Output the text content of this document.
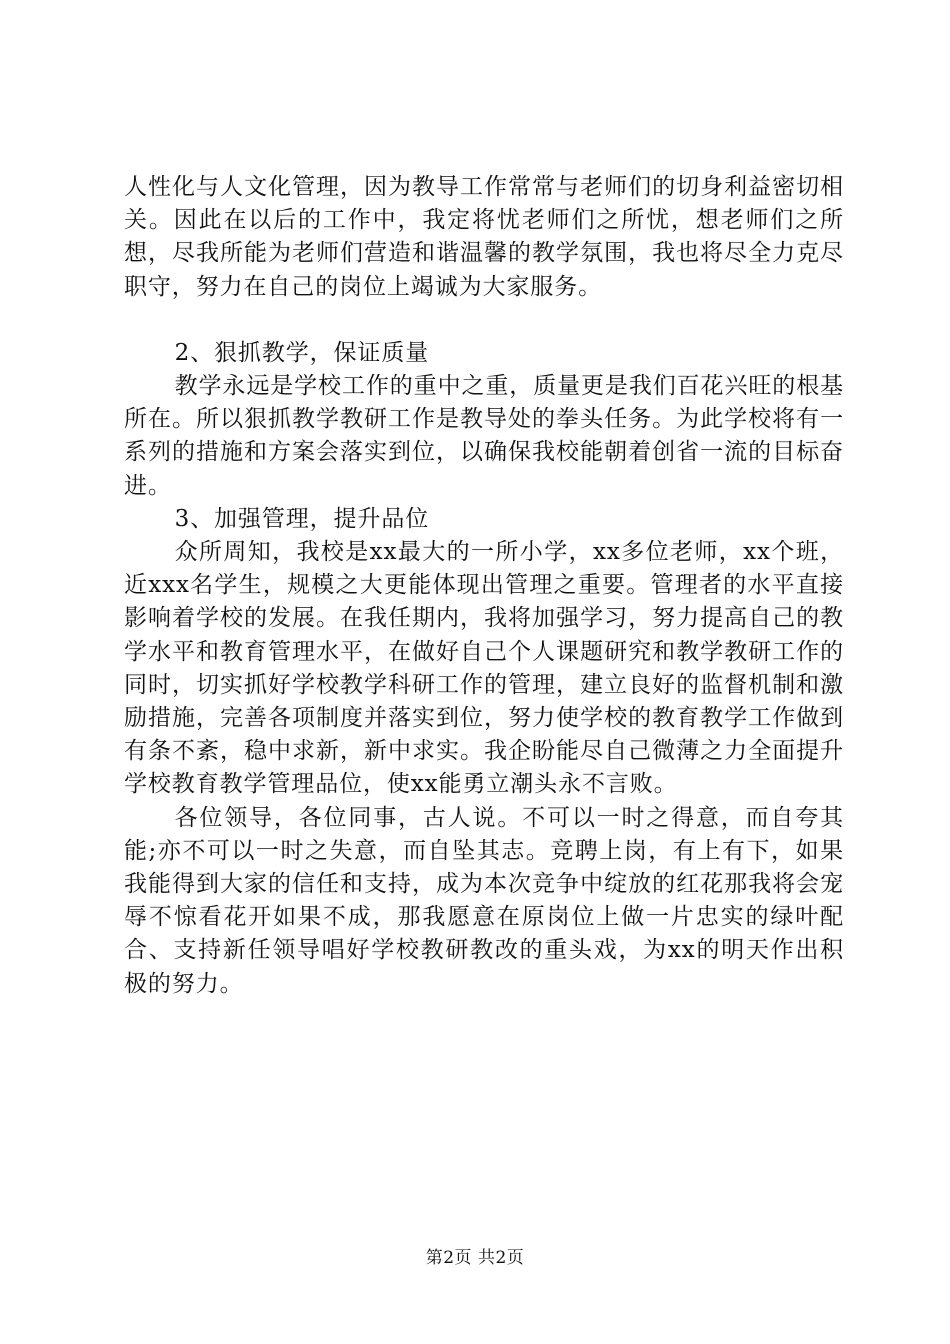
人性化与人文化管理，因为教导工作常常与老师们的切身利益密切相关。因此在以后的工作中，我定将忧老师们之所忧，想老师们之所想，尽我所能为老师们营造和谐温馨的教学氛围，我也将尽全力克尽职守，努力在自己的岗位上竭诚为大家服务。

2、狠抓教学，保证质量

教学永远是学校工作的重中之重，质量更是我们百花兴旺的根基所在。所以狠抓教学教研工作是教导处的拳头任务。为此学校将有一系列的措施和方案会落实到位，以确保我校能朝着创省一流的目标奋进。

3、加强管理，提升品位

众所周知，我校是xx最大的一所小学，xx多位老师，xx个班，近xxx名学生，规模之大更能体现出管理之重要。管理者的水平直接影响着学校的发展。在我任期内，我将加强学习，努力提高自己的教学水平和教育管理水平，在做好自己个人课题研究和教学教研工作的同时，切实抓好学校教学科研工作的管理，建立良好的监督机制和激励措施，完善各项制度并落实到位，努力使学校的教育教学工作做到有条不紊，稳中求新，新中求实。我企盼能尽自己微薄之力全面提升学校教育教学管理品位，使xx能勇立潮头永不言败。

各位领导，各位同事，古人说。不可以一时之得意，而自夸其能;亦不可以一时之失意，而自坠其志。竞聘上岗，有上有下，如果我能得到大家的信任和支持，成为本次竞争中绽放的红花那我将会宠辱不惊看花开如果不成，那我愿意在原岗位上做一片忠实的绿叶配合、支持新任领导唱好学校教研教改的重头戏，为xx的明天作出积极的努力。

第2页 共2页
